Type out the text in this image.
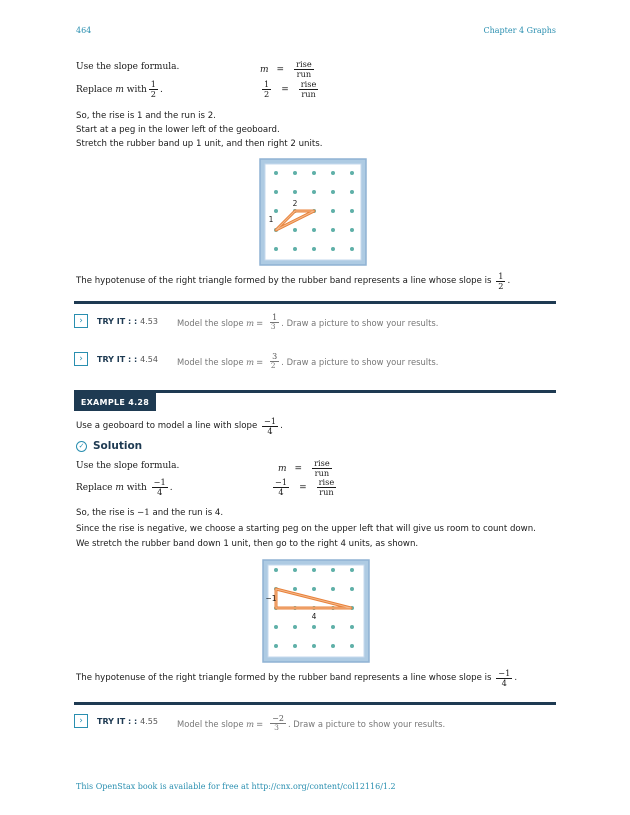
464	Chapter 4 Graphs
Use the slope formula.	$m = \frac{\text{rise}}{\text{run}}$
Replace
m
with $\frac{1}{2}$ .	$\frac{1}{2} = \frac{\text{rise}}{\text{run}}$
So, the rise is 1 and the run is 2.
Start at a peg in the lower left of the geoboard.
Stretch the rubber band up 1 unit, and then right 2 units.
2
1
The hypotenuse of the right triangle formed by the rubber band represents a line whose slope is
$\frac{1}{2}$ .
›	TRY IT : : 4.53 Model the slope
$m = \frac{1}{3}$ . Draw a picture to show your results.
›	TRY IT : : 4.54 Model the slope
$m = \frac{3}{2}$ . Draw a picture to show your results.
EXAMPLE 4.28
Use a geoboard to model a line with slope
$\frac{-1}{4}$ .
✓ Solution
Use the slope formula.	$m = \frac{\text{rise}}{\text{run}}$
Replace
m
with
$\frac{-1}{4}$ .	$\frac{-1}{4} = \frac{\text{rise}}{\text{run}}$
So, the rise is −1 and the run is 4.
Since the rise is negative, we choose a starting peg on the upper left that will give us room to count down.
We stretch the rubber band down 1 unit, then go to the right 4 units, as shown.
−1
4
The hypotenuse of the right triangle formed by the rubber band represents a line whose slope is
$\frac{-1}{4}$ .
›	TRY IT : : 4.55 Model the slope
$m = \frac{-2}{3}$ . Draw a picture to show your results.
This OpenStax book is available for free at http://cnx.org/content/col12116/1.2
